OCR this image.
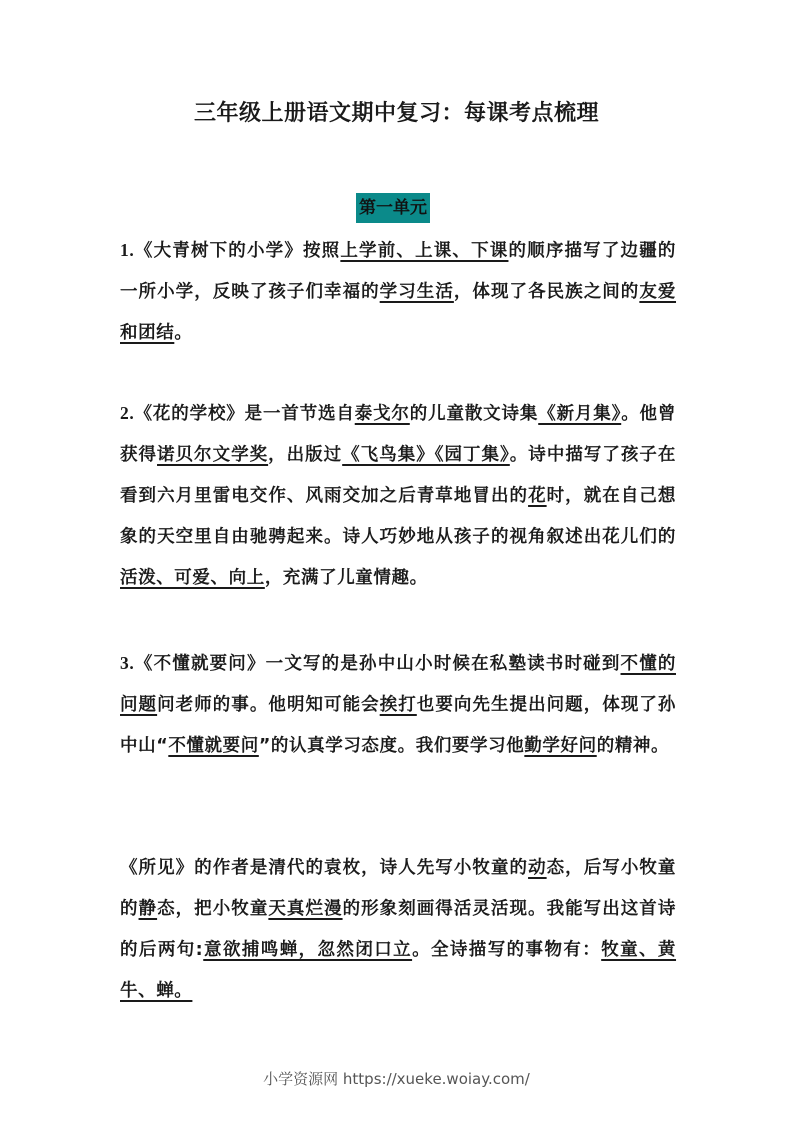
三年级上册语文期中复习：每课考点梳理
第一单元
1.《大青树下的小学》按照上学前、上课、下课的顺序描写了边疆的一所小学，反映了孩子们幸福的学习生活，体现了各民族之间的友爱和团结。
2.《花的学校》是一首节选自泰戈尔的儿童散文诗集《新月集》。他曾获得诺贝尔文学奖，出版过《飞鸟集》《园丁集》。诗中描写了孩子在看到六月里雷电交作、风雨交加之后青草地冒出的花时，就在自己想象的天空里自由驰骋起来。诗人巧妙地从孩子的视角叙述出花儿们的活泼、可爱、向上，充满了儿童情趣。
3.《不懂就要问》一文写的是孙中山小时候在私塾读书时碰到不懂的问题问老师的事。他明知可能会挨打也要向先生提出问题，体现了孙中山“不懂就要问”的认真学习态度。我们要学习他勤学好问的精神。
《所见》的作者是清代的袁枚，诗人先写小牧童的动态，后写小牧童的静态，把小牧童天真烂漫的形象刻画得活灵活现。我能写出这首诗的后两句:意欲捕鸣蝉，忽然闭口立。全诗描写的事物有：牧童、黄牛、蝉。
小学资源网 https://xueke.woiay.com/
